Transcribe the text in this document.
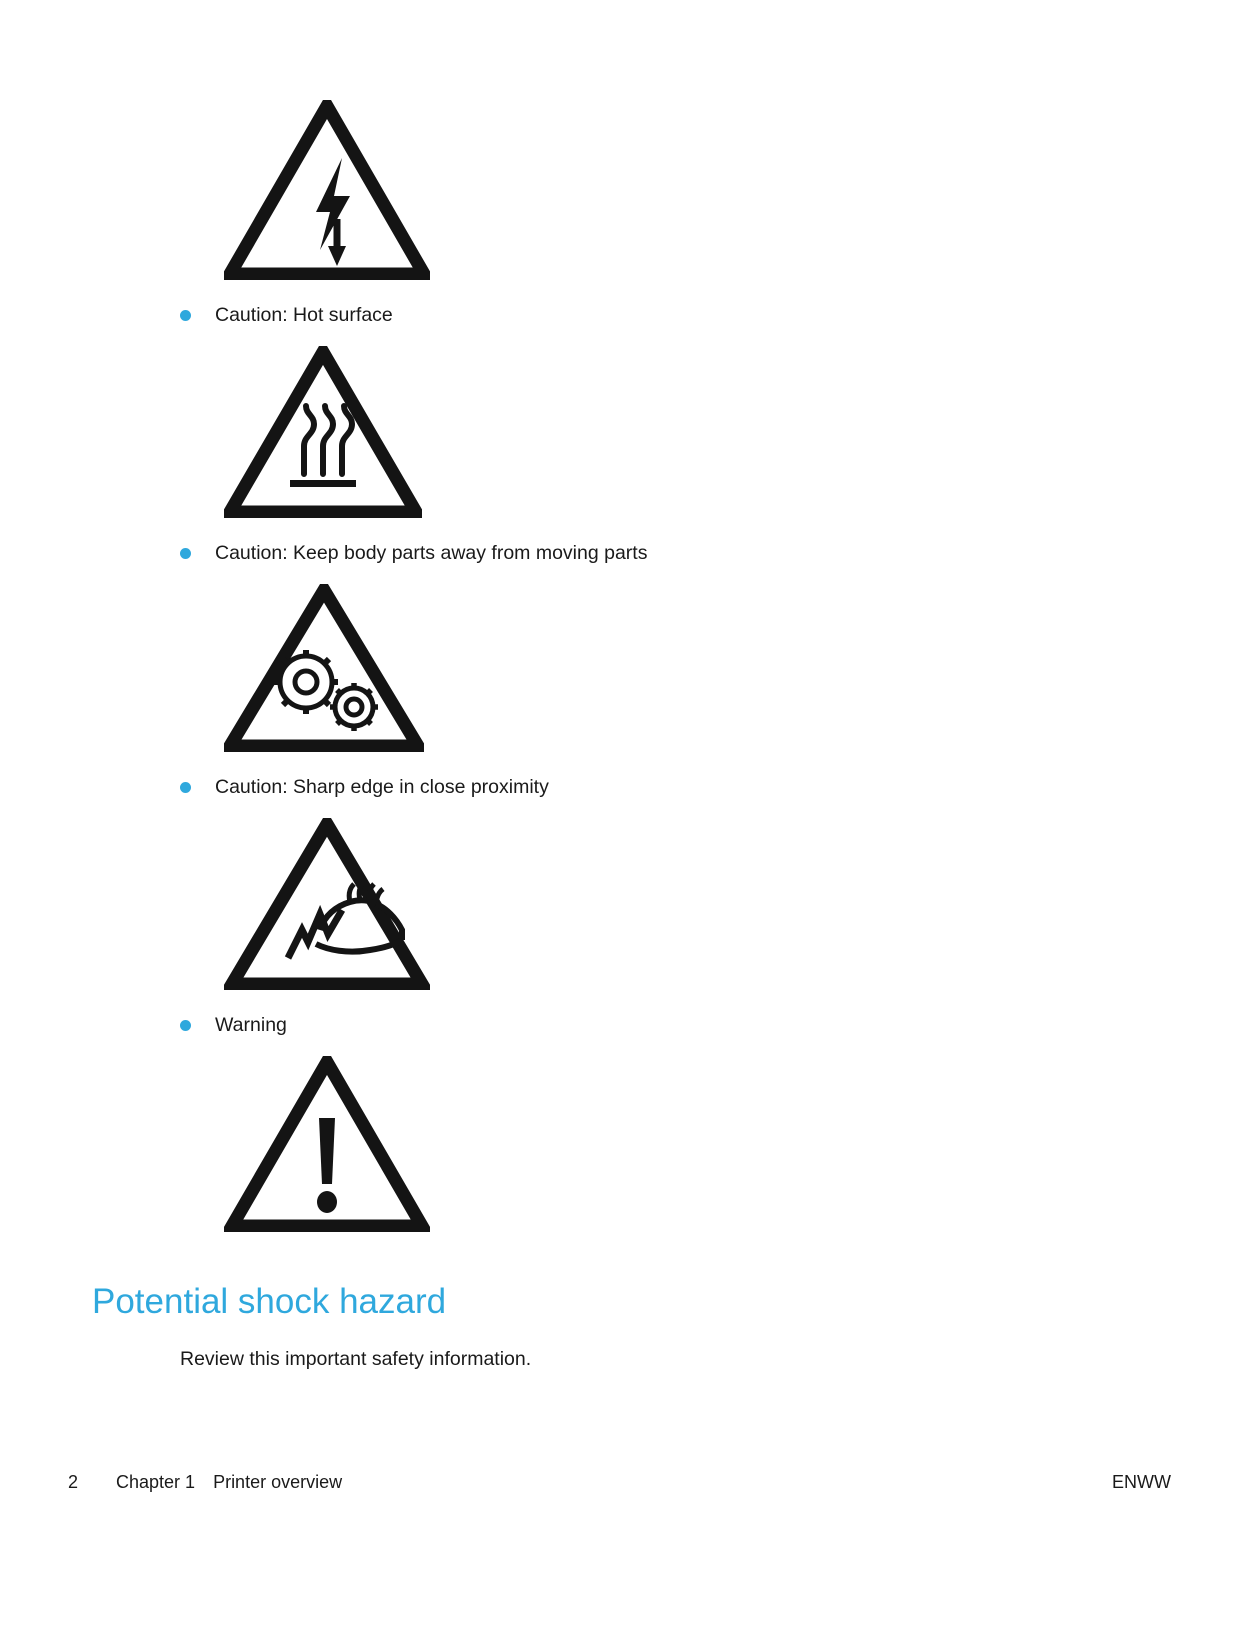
Caution: Hot surface
Caution: Keep body parts away from moving parts
Caution: Sharp edge in close proximity
Warning
Potential shock hazard

Review this important safety information.

2	Chapter 1 Printer overview	ENWW
